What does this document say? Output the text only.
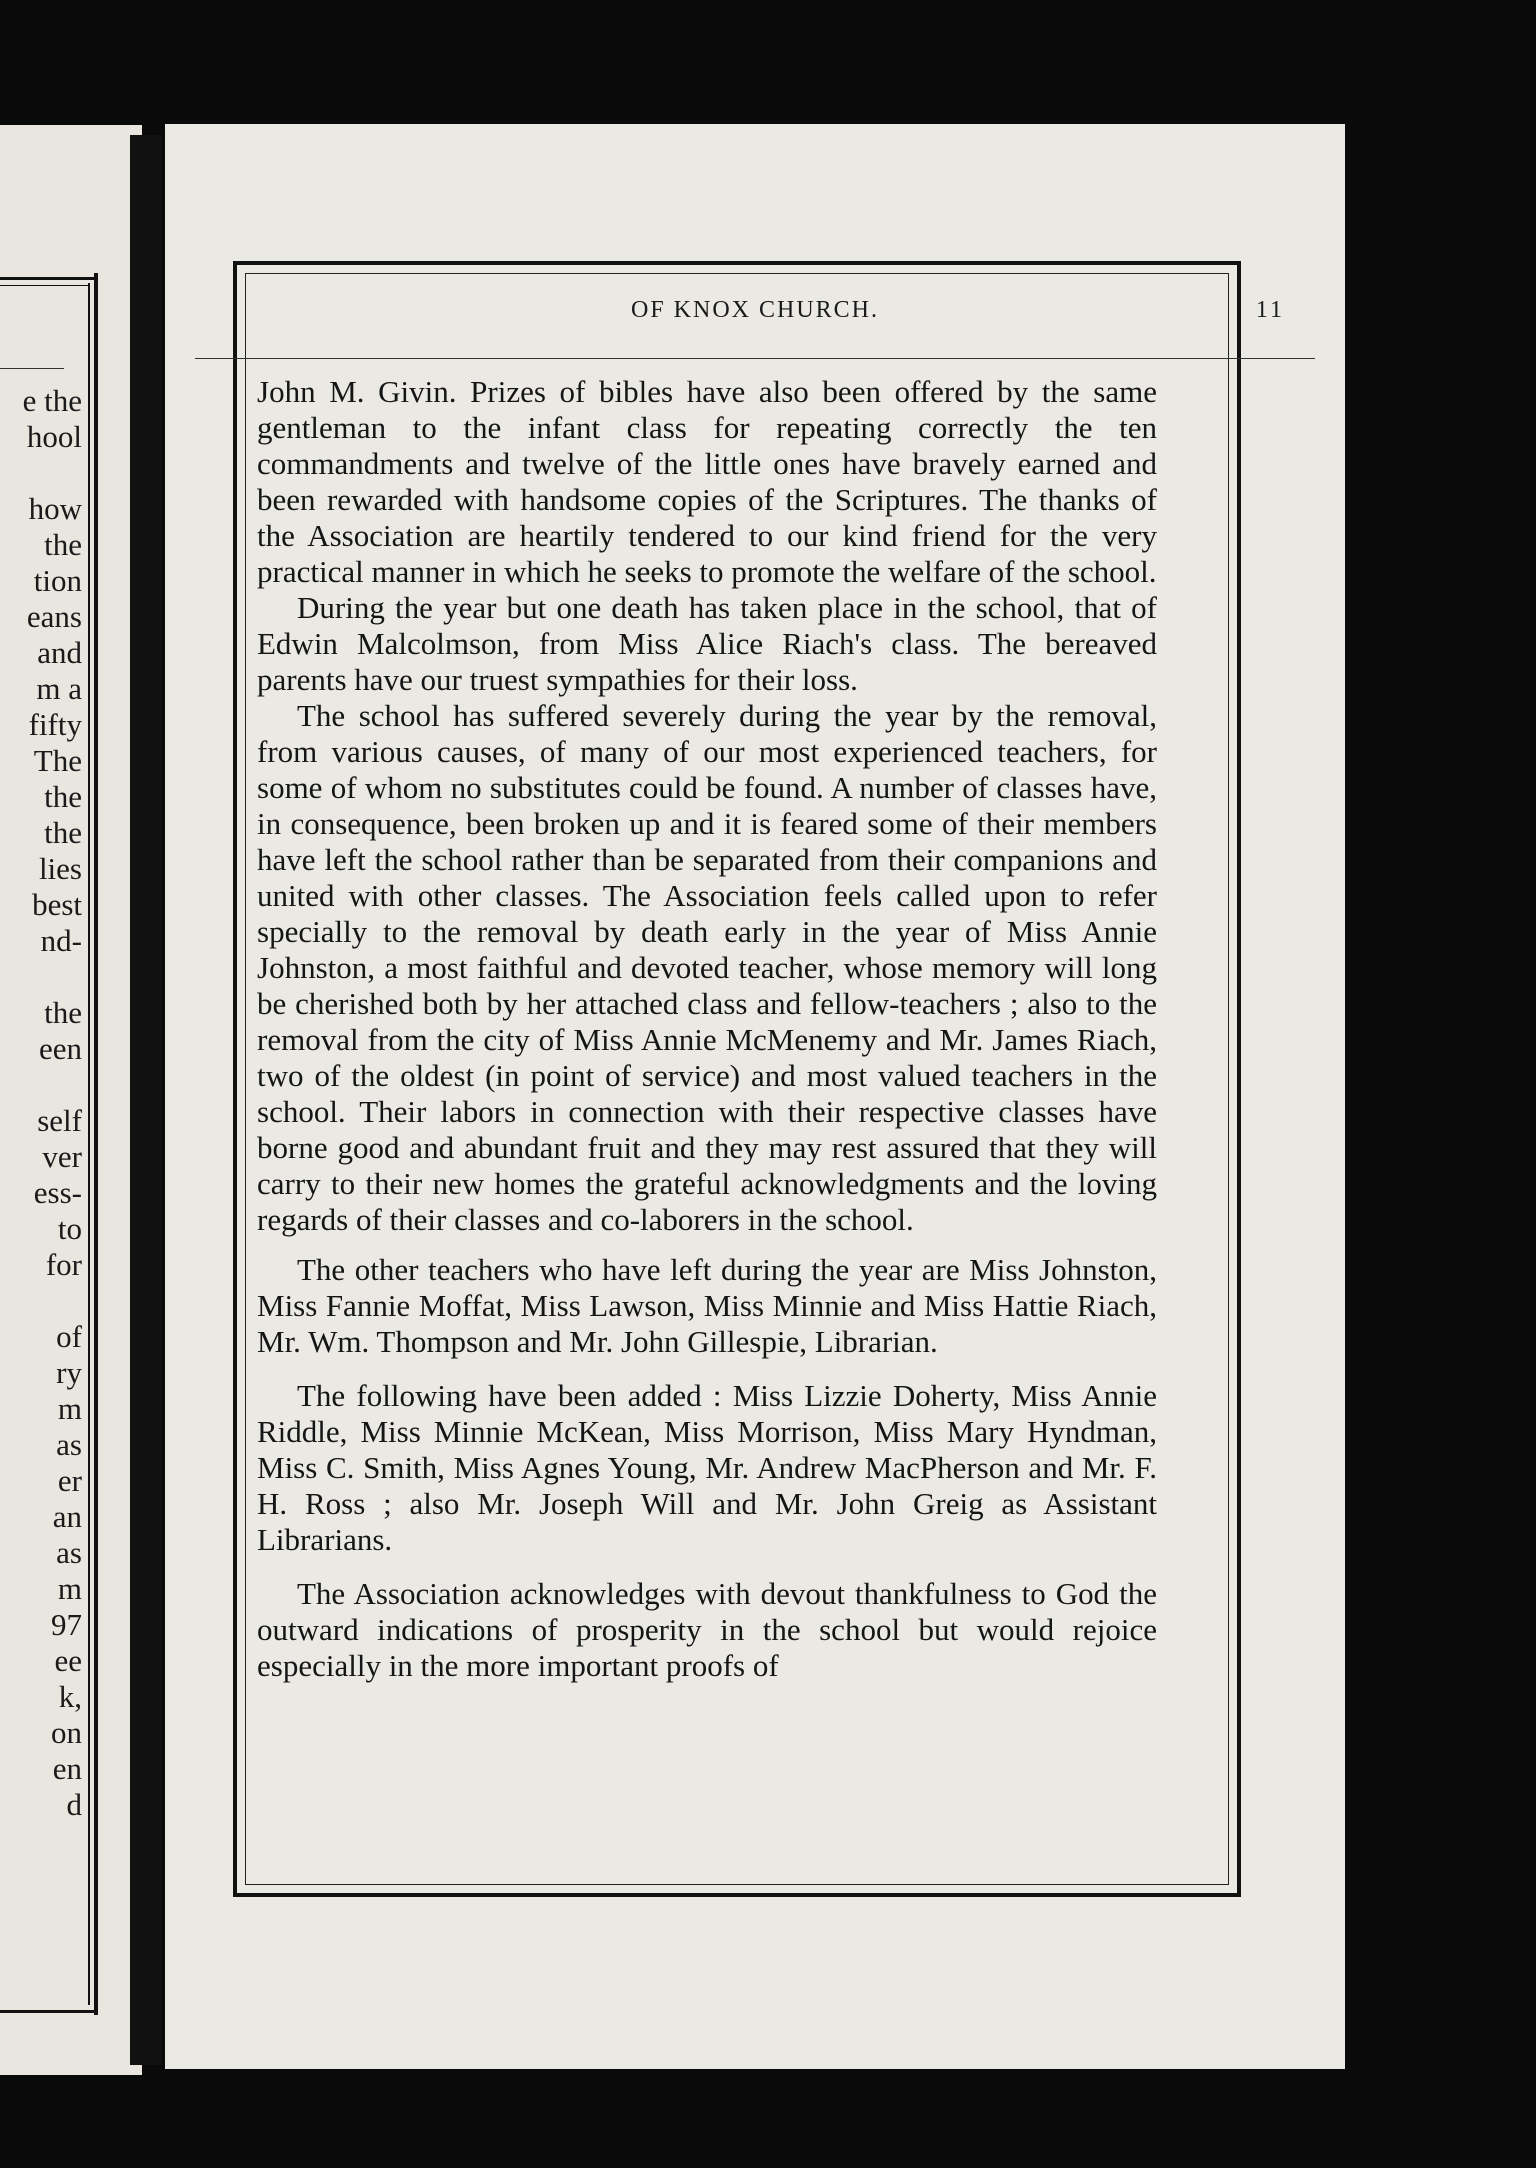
e the
hool
how
the
tion
eans
and
m a
fifty
The
the
the
lies
best
nd-
the
een
self
ver
ess-
to
for
of
ry
m
as
er
an
as
m
97
ee
k,
on
en
d
OF KNOX CHURCH.	11

John M. Givin. Prizes of bibles have also been offered by the same gentleman to the infant class for repeating correctly the ten commandments and twelve of the little ones have bravely earned and been rewarded with handsome copies of the Scriptures. The thanks of the Association are heartily tendered to our kind friend for the very practical manner in which he seeks to promote the welfare of the school.

During the year but one death has taken place in the school, that of Edwin Malcolmson, from Miss Alice Riach's class. The bereaved parents have our truest sympathies for their loss.

The school has suffered severely during the year by the removal, from various causes, of many of our most experienced teachers, for some of whom no substitutes could be found. A number of classes have, in consequence, been broken up and it is feared some of their members have left the school rather than be separated from their companions and united with other classes. The Association feels called upon to refer specially to the removal by death early in the year of Miss Annie Johnston, a most faithful and devoted teacher, whose memory will long be cherished both by her attached class and fellow-teachers ; also to the removal from the city of Miss Annie McMenemy and Mr. James Riach, two of the oldest (in point of service) and most valued teachers in the school. Their labors in connection with their respective classes have borne good and abundant fruit and they may rest assured that they will carry to their new homes the grateful acknowledgments and the loving regards of their classes and co-laborers in the school.

The other teachers who have left during the year are Miss Johnston, Miss Fannie Moffat, Miss Lawson, Miss Minnie and Miss Hattie Riach, Mr. Wm. Thompson and Mr. John Gillespie, Librarian.

The following have been added : Miss Lizzie Doherty, Miss Annie Riddle, Miss Minnie McKean, Miss Morrison, Miss Mary Hyndman, Miss C. Smith, Miss Agnes Young, Mr. Andrew MacPherson and Mr. F. H. Ross ; also Mr. Joseph Will and Mr. John Greig as Assistant Librarians.

The Association acknowledges with devout thankfulness to God the outward indications of prosperity in the school but would rejoice especially in the more important proofs of
